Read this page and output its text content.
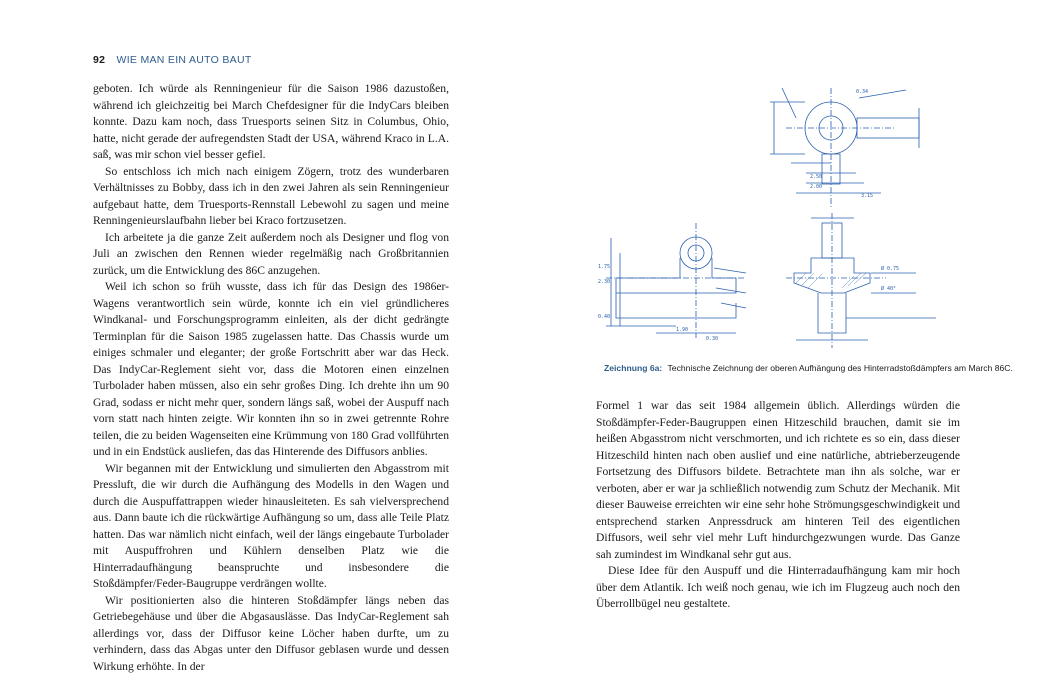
92 WIE MAN EIN AUTO BAUT

geboten. Ich würde als Renningenieur für die Saison 1986 dazustoßen, während ich gleichzeitig bei March Chefdesigner für die IndyCars bleiben konnte. Dazu kam noch, dass Truesports seinen Sitz in Columbus, Ohio, hatte, nicht gerade der aufregendsten Stadt der USA, während Kraco in L.A. saß, was mir schon viel besser gefiel.

So entschloss ich mich nach einigem Zögern, trotz des wunderbaren Verhältnisses zu Bobby, dass ich in den zwei Jahren als sein Renningenieur aufgebaut hatte, dem Truesports-Rennstall Lebewohl zu sagen und meine Renningenieurslaufbahn lieber bei Kraco fortzusetzen.

Ich arbeitete ja die ganze Zeit außerdem noch als Designer und flog von Juli an zwischen den Rennen wieder regelmäßig nach Großbritannien zurück, um die Entwicklung des 86C anzugehen.

Weil ich schon so früh wusste, dass ich für das Design des 1986er-Wagens verantwortlich sein würde, konnte ich ein viel gründlicheres Windkanal- und Forschungsprogramm einleiten, als der dicht gedrängte Terminplan für die Saison 1985 zugelassen hatte. Das Chassis wurde um einiges schmaler und eleganter; der große Fortschritt aber war das Heck. Das IndyCar-Reglement sieht vor, dass die Motoren einen einzelnen Turbolader haben müssen, also ein sehr großes Ding. Ich drehte ihn um 90 Grad, sodass er nicht mehr quer, sondern längs saß, wobei der Auspuff nach vorn statt nach hinten zeigte. Wir konnten ihn so in zwei getrennte Rohre teilen, die zu beiden Wagenseiten eine Krümmung von 180 Grad vollführten und in ein Endstück ausliefen, das das Hinterende des Diffusors anblies.

Wir begannen mit der Entwicklung und simulierten den Abgasstrom mit Pressluft, die wir durch die Aufhängung des Modells in den Wagen und durch die Auspuffattrappen wieder hinausleiteten. Es sah vielversprechend aus. Dann baute ich die rückwärtige Aufhängung so um, dass alle Teile Platz hatten. Das war nämlich nicht einfach, weil der längs eingebaute Turbolader mit Auspuffrohren und Kühlern denselben Platz wie die Hinterradaufhängung beanspruchte und insbesondere die Stoßdämpfer/Feder-Baugruppe verdrängen wollte.

Wir positionierten also die hinteren Stoßdämpfer längs neben das Getriebegehäuse und über die Abgasauslässe. Das IndyCar-Reglement sah allerdings vor, dass der Diffusor keine Löcher haben durfte, um zu verhindern, dass das Abgas unter den Diffusor geblasen wurde und dessen Wirkung erhöhte. In der

0.34
2.50
2.00
3.15
1.75
2.30
0.40
1.90
0.30
Ø 0.75
Ø 40°
Zeichnung 6a: Technische Zeichnung der oberen Aufhängung des Hinterradstoßdämpfers am March 86C.

Formel 1 war das seit 1984 allgemein üblich. Allerdings würden die Stoßdämpfer-Feder-Baugruppen einen Hitzeschild brauchen, damit sie im heißen Abgasstrom nicht verschmorten, und ich richtete es so ein, dass dieser Hitzeschild hinten nach oben auslief und eine natürliche, abtrieberzeugende Fortsetzung des Diffusors bildete. Betrachtete man ihn als solche, war er verboten, aber er war ja schließlich notwendig zum Schutz der Mechanik. Mit dieser Bauweise erreichten wir eine sehr hohe Strömungsgeschwindigkeit und entsprechend starken Anpressdruck am hinteren Teil des eigentlichen Diffusors, weil sehr viel mehr Luft hindurchgezwungen wurde. Das Ganze sah zumindest im Windkanal sehr gut aus.

Diese Idee für den Auspuff und die Hinterradaufhängung kam mir hoch über dem Atlantik. Ich weiß noch genau, wie ich im Flugzeug auch noch den Überrollbügel neu gestaltete.
